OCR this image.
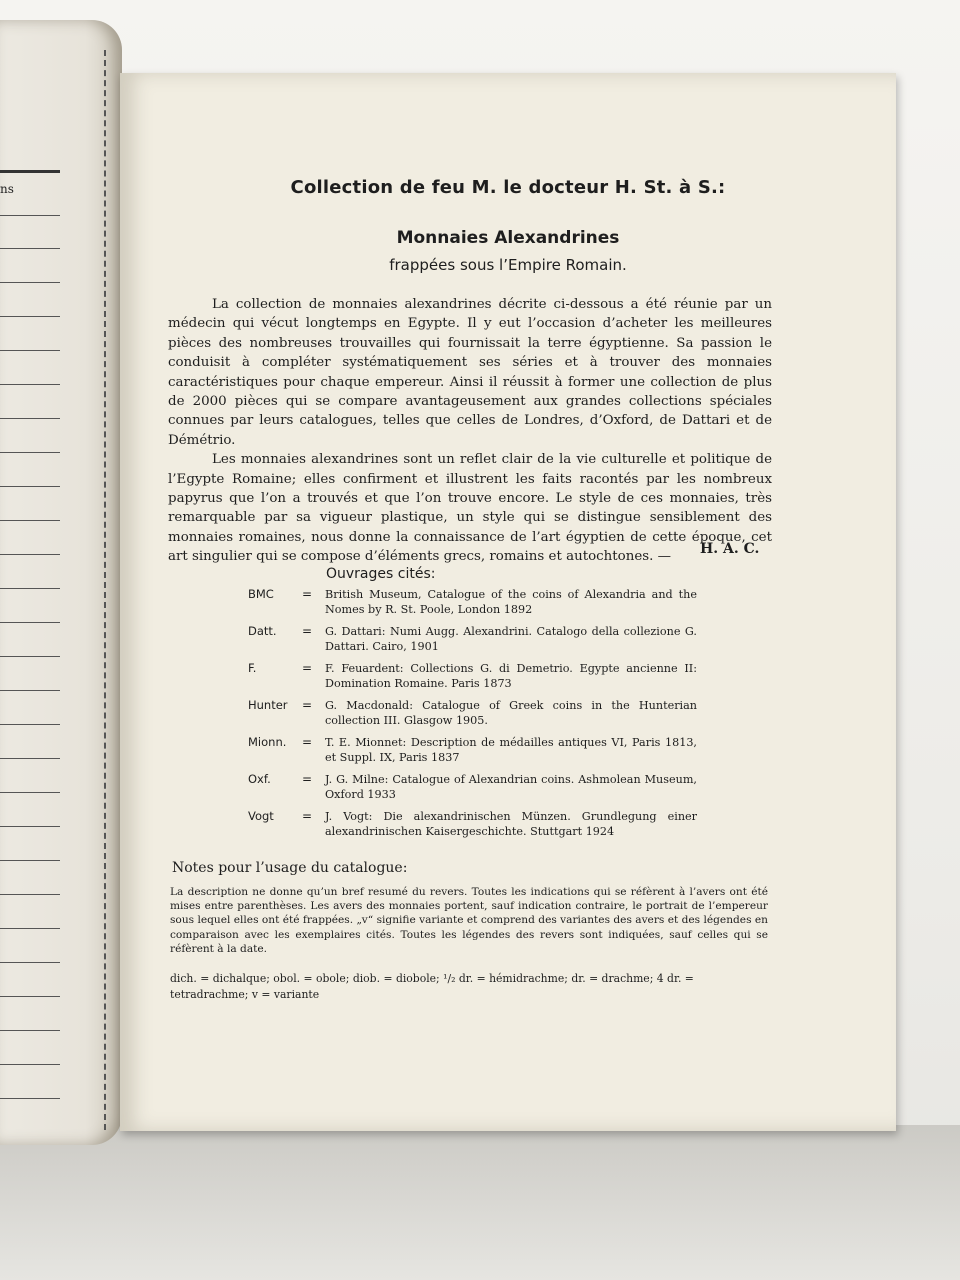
ns	Collection de feu M. le docteur H. St. à S.:
Monnaies Alexandrines
frappées sous l’Empire Romain.

La collection de monnaies alexandrines décrite ci-dessous a été réunie par un médecin qui vécut longtemps en Egypte. Il y eut l’occasion d’acheter les meilleures pièces des nombreuses trouvailles qui fournissait la terre égyptienne. Sa passion le conduisit à compléter systématiquement ses séries et à trouver des monnaies caractéristiques pour chaque empereur. Ainsi il réussit à former une collection de plus de 2000 pièces qui se compare avantageusement aux grandes collections spéciales connues par leurs catalogues, telles que celles de Londres, d’Oxford, de Dattari et de Démétrio.

Les monnaies alexandrines sont un reflet clair de la vie culturelle et politique de l’Egypte Romaine; elles confirment et illustrent les faits racontés par les nombreux papyrus que l’on a trouvés et que l’on trouve encore. Le style de ces monnaies, très remarquable par sa vigueur plastique, un style qui se distingue sensiblement des monnaies romaines, nous donne la connaissance de l’art égyptien de cette époque, cet art singulier qui se compose d’éléments grecs, romains et autochtones. —	H. A. C.
Ouvrages cités:
BMC = British Museum, Catalogue of the coins of Alexandria and the Nomes by R. St. Poole, London 1892
Datt. = G. Dattari: Numi Augg. Alexandrini. Catalogo della collezione G. Dattari. Cairo, 1901
F.	= F. Feuardent: Collections G. di Demetrio. Egypte ancienne II: Domination Romaine. Paris 1873
Hunter = G. Macdonald: Catalogue of Greek coins in the Hunterian collection III. Glasgow 1905.
Mionn. = T. E. Mionnet: Description de médailles antiques VI, Paris 1813, et Suppl. IX, Paris 1837
Oxf.	= J. G. Milne: Catalogue of Alexandrian coins. Ashmolean Museum, Oxford 1933
Vogt = J. Vogt: Die alexandrinischen Münzen. Grundlegung einer alexandrinischen Kaisergeschichte. Stuttgart 1924
Notes pour l’usage du catalogue:
La description ne donne qu’un bref resumé du revers. Toutes les indications qui se réfèrent à l’avers ont été mises entre parenthèses. Les avers des monnaies portent, sauf indication contraire, le portrait de l’empereur sous lequel elles ont été frappées. „v“ signifie variante et comprend des variantes des avers et des légendes en comparaison avec les exemplaires cités. Toutes les légendes des revers sont indiquées, sauf celles qui se réfèrent à la date.
dich. = dichalque; obol. = obole; diob. = diobole; ¹/₂ dr. = hémidrachme; dr. = drachme; 4 dr. = tetradrachme; v = variante
